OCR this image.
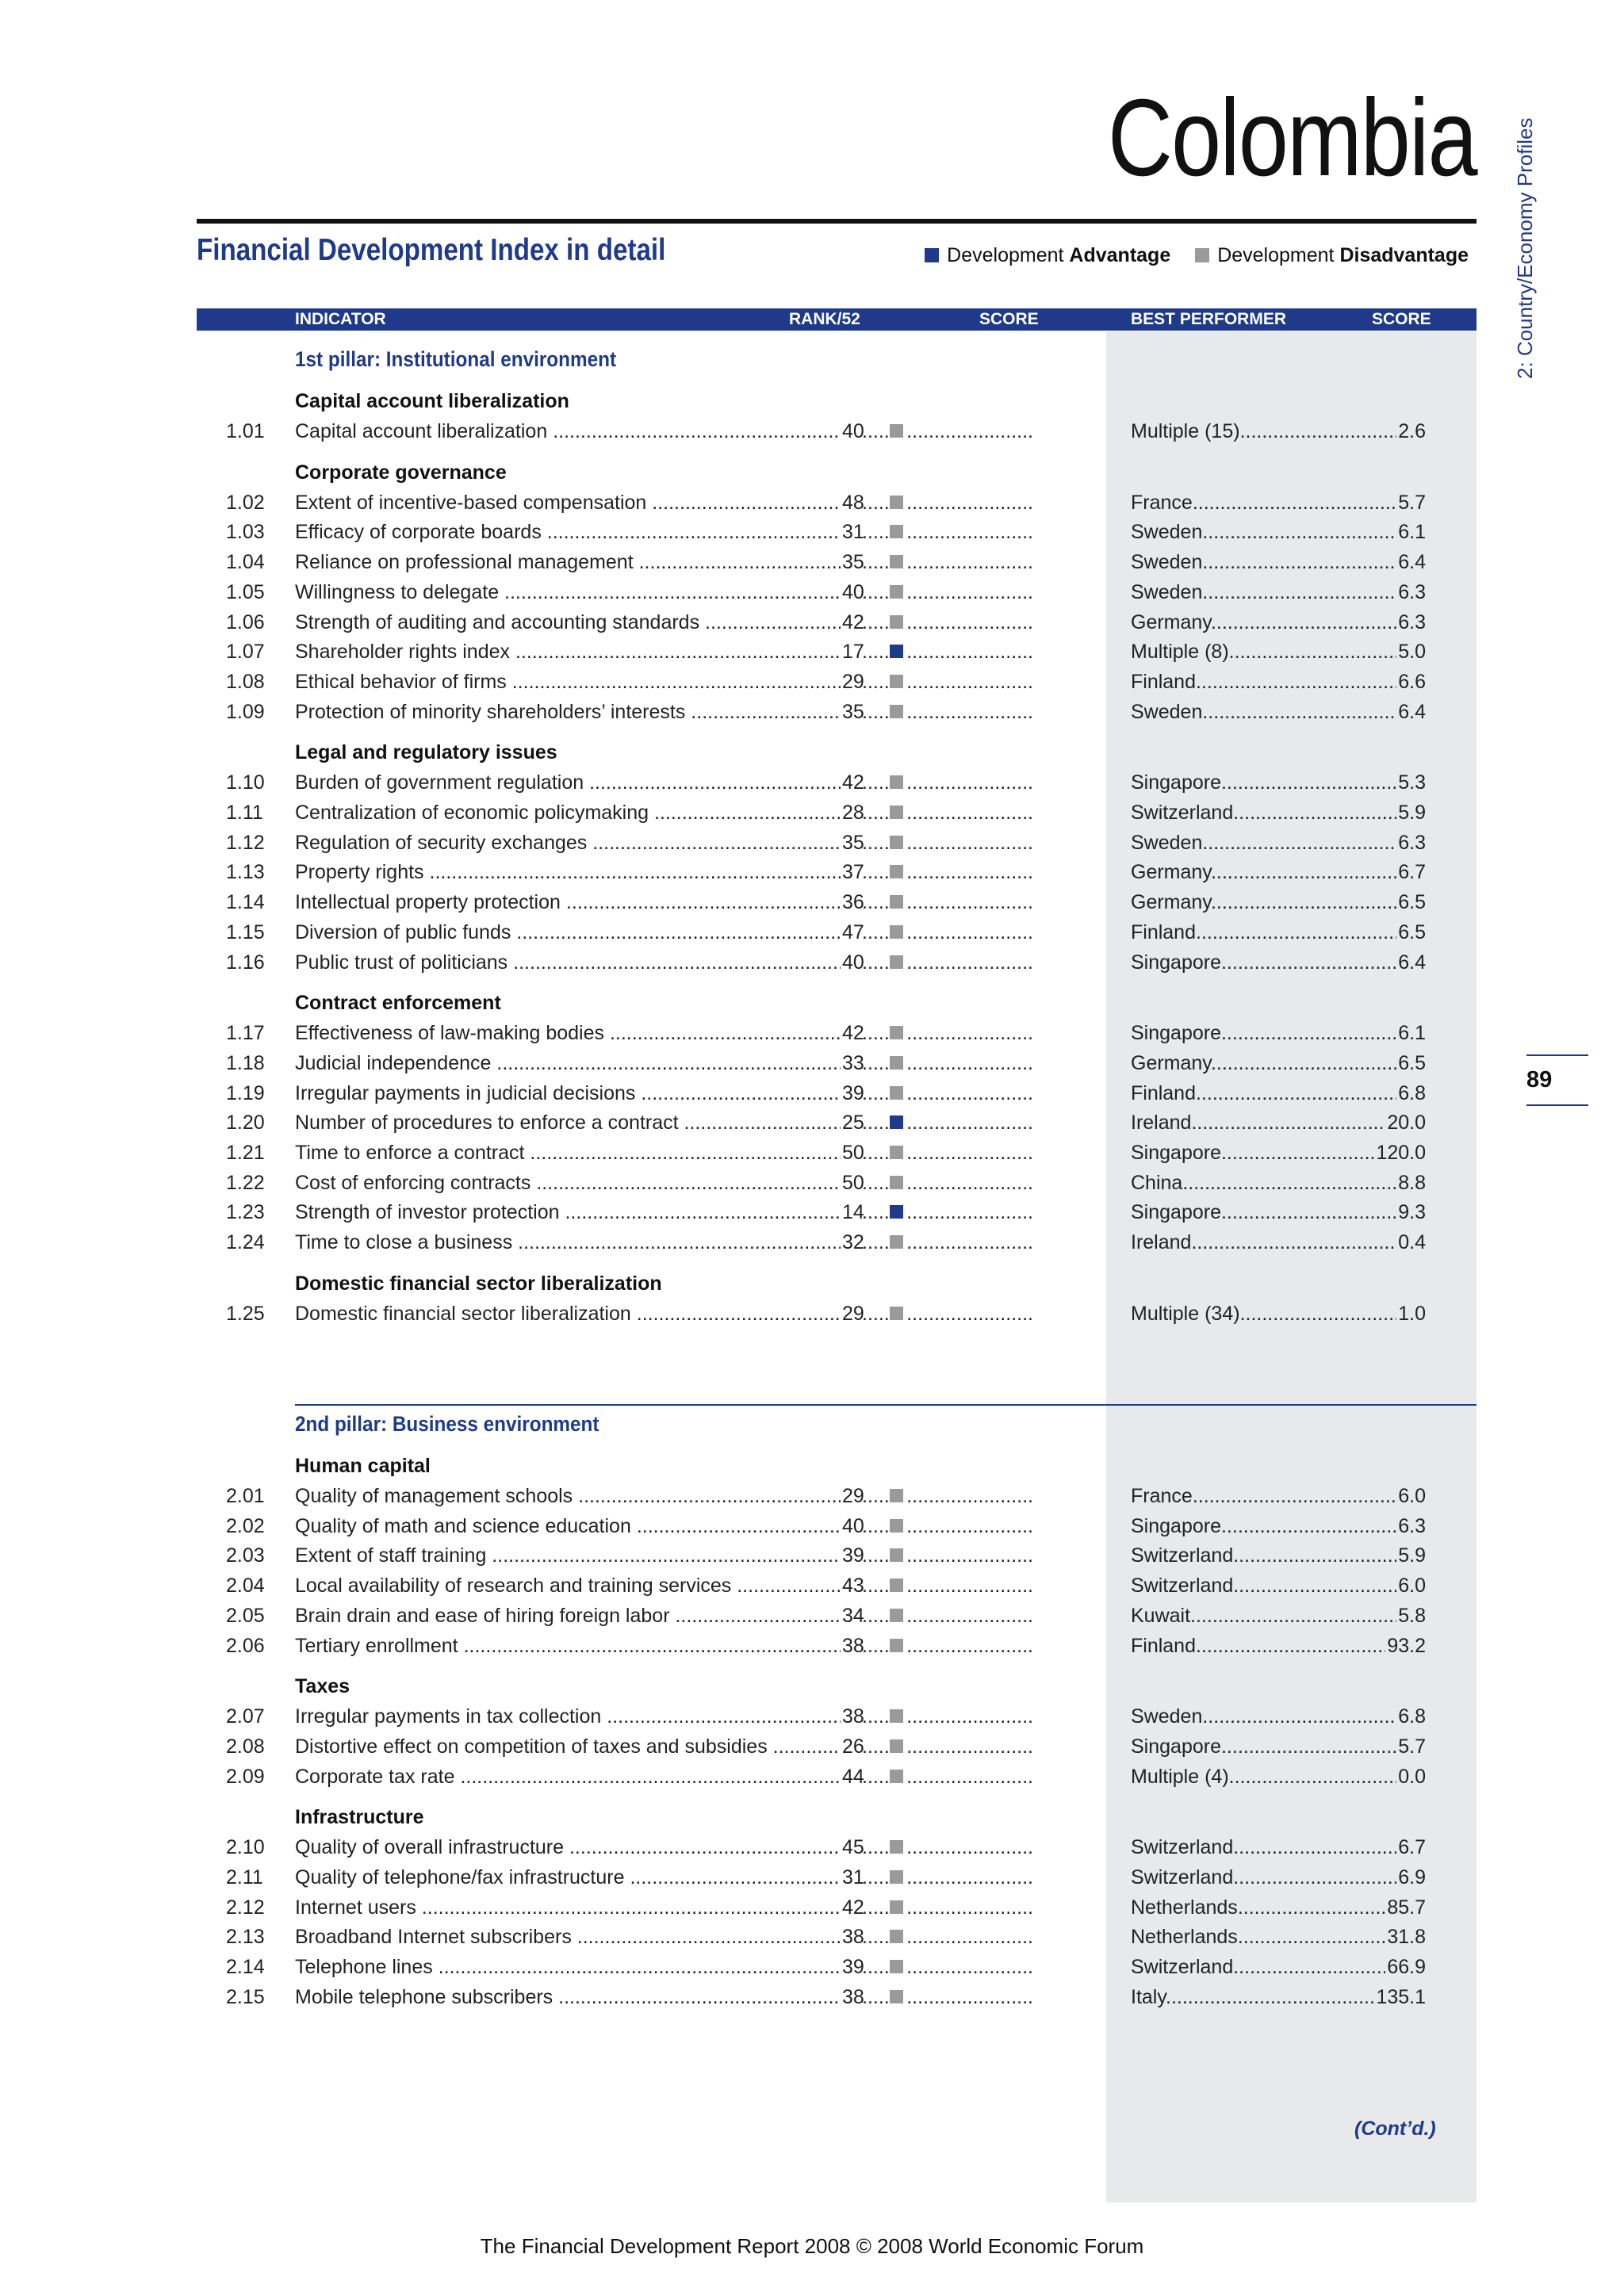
Colombia
Financial Development Index in detail	Development Advantage Development Disadvantage 2: Country/Economy Profiles
89
INDICATOR	RANK/52	SCORE	BEST PERFORMER	SCORE
1st pillar: Institutional environment
Capital account liberalization
1.01 Capital account liberalization .....	40 ..... .....	Multiple (15) .....	2.6
Corporate governance
1.02 Extent of incentive-based compensation .....	48 ..... .....	France .....	5.7
1.03 Efficacy of corporate boards .....	31 ..... .....	Sweden .....	6.1
1.04 Reliance on professional management .....	35 ..... .....	Sweden .....	6.4
1.05 Willingness to delegate .....	40 ..... .....	Sweden .....	6.3
1.06 Strength of auditing and accounting standards .....	42 ..... .....	Germany .....	6.3
1.07 Shareholder rights index .....	17 ..... .....	Multiple (8) .....	5.0
1.08 Ethical behavior of firms .....	29 ..... .....	Finland .....	6.6
1.09 Protection of minority shareholders’ interests .....	35 ..... .....	Sweden .....	6.4
Legal and regulatory issues
1.10 Burden of government regulation .....	42 ..... .....	Singapore .....	5.3
1.11 Centralization of economic policymaking .....	28 ..... .....	Switzerland .....	5.9
1.12 Regulation of security exchanges .....	35 ..... .....	Sweden .....	6.3
1.13 Property rights .....	37 ..... .....	Germany .....	6.7
1.14 Intellectual property protection .....	36 ..... .....	Germany .....	6.5
1.15 Diversion of public funds .....	47 ..... .....	Finland .....	6.5
1.16 Public trust of politicians .....	40 ..... .....	Singapore .....	6.4
Contract enforcement
1.17 Effectiveness of law-making bodies .....	42 ..... .....	Singapore .....	6.1
1.18 Judicial independence .....	33 ..... .....	Germany .....	6.5
1.19 Irregular payments in judicial decisions .....	39 ..... .....	Finland .....	6.8
1.20 Number of procedures to enforce a contract .....	25 ..... .....	Ireland .....	20.0
1.21 Time to enforce a contract .....	50 ..... .....	Singapore .....	120.0
1.22 Cost of enforcing contracts .....	50 ..... .....	China .....	8.8
1.23 Strength of investor protection .....	14 ..... .....	Singapore .....	9.3
1.24 Time to close a business .....	32 ..... .....	Ireland .....	0.4
Domestic financial sector liberalization
1.25 Domestic financial sector liberalization .....	29 ..... .....	Multiple (34) .....	1.0
2nd pillar: Business environment
Human capital
2.01 Quality of management schools .....	29 ..... .....	France .....	6.0
2.02 Quality of math and science education .....	40 ..... .....	Singapore .....	6.3
2.03 Extent of staff training .....	39 ..... .....	Switzerland .....	5.9
2.04 Local availability of research and training services .....	43 ..... .....	Switzerland .....	6.0
2.05 Brain drain and ease of hiring foreign labor .....	34 ..... .....	Kuwait .....	5.8
2.06 Tertiary enrollment .....	38 ..... .....	Finland .....	93.2
Taxes
2.07 Irregular payments in tax collection .....	38 ..... .....	Sweden .....	6.8
2.08 Distortive effect on competition of taxes and subsidies .....	26 ..... .....	Singapore .....	5.7
2.09 Corporate tax rate .....	44 ..... .....	Multiple (4) .....	0.0
Infrastructure
2.10 Quality of overall infrastructure .....	45 ..... .....	Switzerland .....	6.7
2.11 Quality of telephone/fax infrastructure .....	31 ..... .....	Switzerland .....	6.9
2.12 Internet users .....	42 ..... .....	Netherlands .....	85.7
2.13 Broadband Internet subscribers .....	38 ..... .....	Netherlands .....	31.8
2.14 Telephone lines .....	39 ..... .....	Switzerland .....	66.9
2.15 Mobile telephone subscribers .....	38 ..... .....	Italy .....	135.1
(Cont’d.)
The Financial Development Report 2008 © 2008 World Economic Forum
